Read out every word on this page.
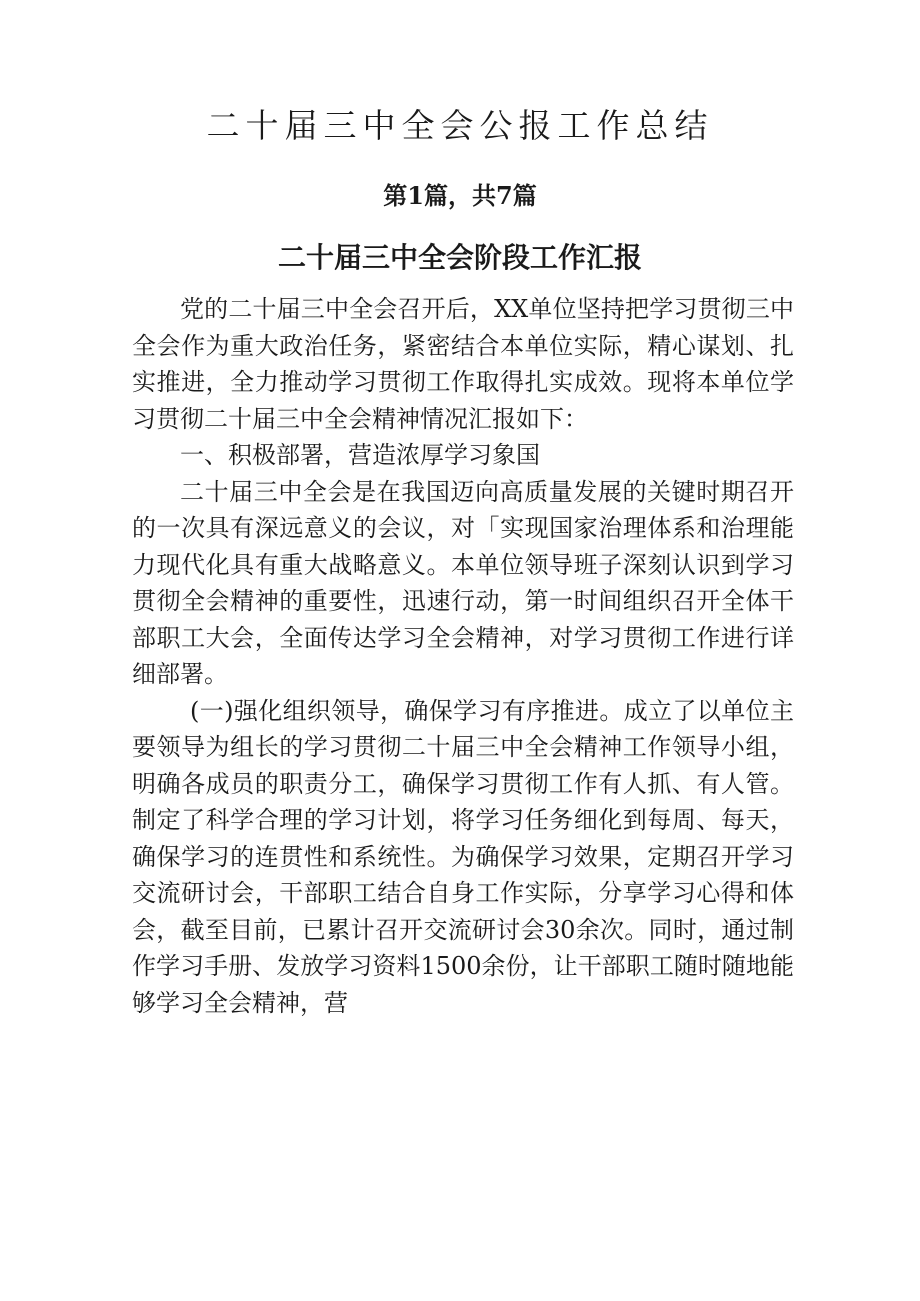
二十届三中全会公报工作总结
第1篇，共7篇
二十届三中全会阶段工作汇报

党的二十届三中全会召开后，XX单位坚持把学习贯彻三中全会作为重大政治任务，紧密结合本单位实际，精心谋划、扎实推进，全力推动学习贯彻工作取得扎实成效。现将本单位学习贯彻二十届三中全会精神情况汇报如下：

一、积极部署，营造浓厚学习象国

二十届三中全会是在我国迈向高质量发展的关键时期召开的一次具有深远意义的会议，对「实现国家治理体系和治理能力现代化具有重大战略意义。本单位领导班子深刻认识到学习贯彻全会精神的重要性，迅速行动，第一时间组织召开全体干部职工大会，全面传达学习全会精神，对学习贯彻工作进行详细部署。

(一)强化组织领导，确保学习有序推进。成立了以单位主要领导为组长的学习贯彻二十届三中全会精神工作领导小组，明确各成员的职责分工，确保学习贯彻工作有人抓、有人管。制定了科学合理的学习计划，将学习任务细化到每周、每天，确保学习的连贯性和系统性。为确保学习效果，定期召开学习交流研讨会，干部职工结合自身工作实际，分享学习心得和体会，截至目前，已累计召开交流研讨会30余次。同时，通过制作学习手册、发放学习资料1500余份，让干部职工随时随地能够学习全会精神，营
